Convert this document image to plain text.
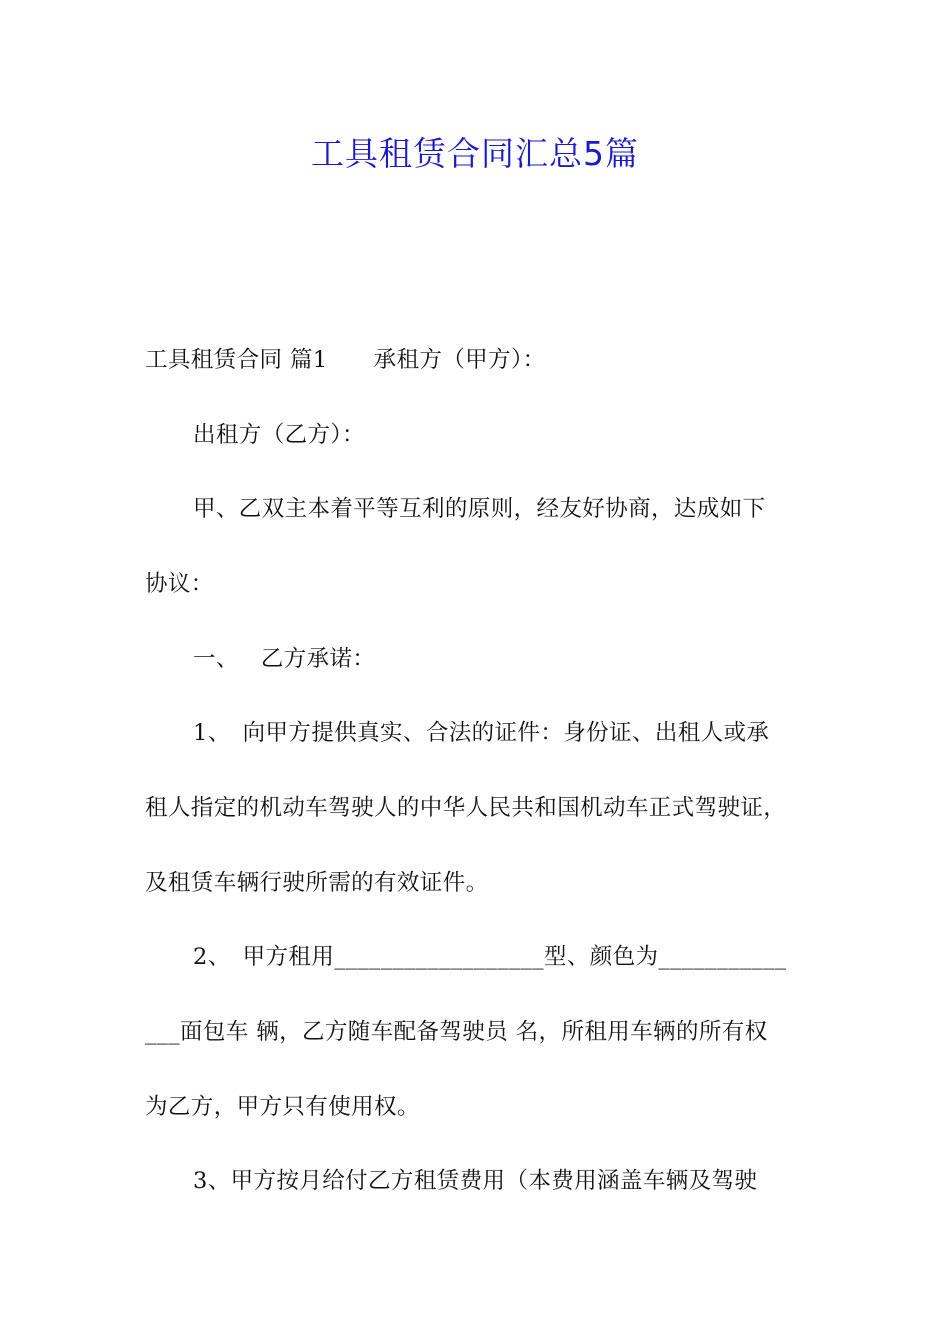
工具租赁合同汇总5篇
工具租赁合同 篇1 承租方（甲方）：
出租方（乙方）：
甲、乙双主本着平等互利的原则，经友好协商，达成如下
协议：
一、 乙方承诺：
1、 向甲方提供真实、合法的证件：身份证、出租人或承
租人指定的机动车驾驶人的中华人民共和国机动车正式驾驶证，
及租赁车辆行驶所需的有效证件。
2、 甲方租用__________________型、颜色为___________
___面包车 辆，乙方随车配备驾驶员 名，所租用车辆的所有权
为乙方，甲方只有使用权。
3、甲方按月给付乙方租赁费用（本费用涵盖车辆及驾驶
